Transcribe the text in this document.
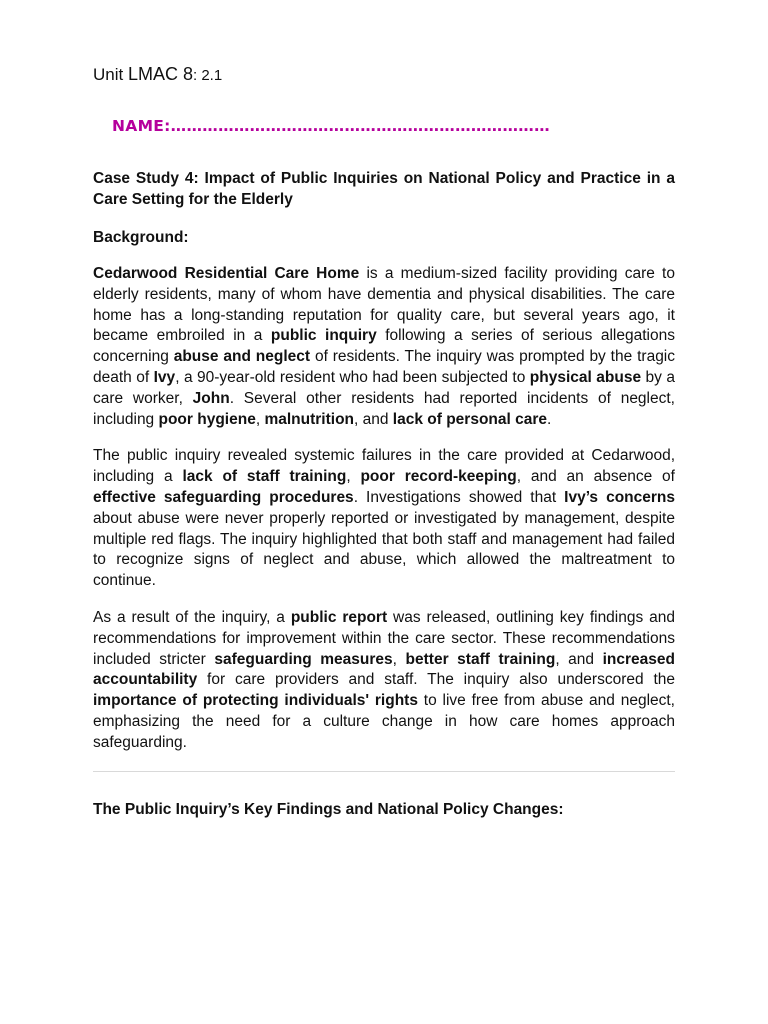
Unit LMAC 8: 2.1
NAME:………………………………………………………………
Case Study 4: Impact of Public Inquiries on National Policy and Practice in a Care Setting for the Elderly
Background:

Cedarwood Residential Care Home is a medium-sized facility providing care to elderly residents, many of whom have dementia and physical disabilities. The care home has a long-standing reputation for quality care, but several years ago, it became embroiled in a public inquiry following a series of serious allegations concerning abuse and neglect of residents. The inquiry was prompted by the tragic death of Ivy, a 90-year-old resident who had been subjected to physical abuse by a care worker, John. Several other residents had reported incidents of neglect, including poor hygiene, malnutrition, and lack of personal care.

The public inquiry revealed systemic failures in the care provided at Cedarwood, including a lack of staff training, poor record-keeping, and an absence of effective safeguarding procedures. Investigations showed that Ivy’s concerns about abuse were never properly reported or investigated by management, despite multiple red flags. The inquiry highlighted that both staff and management had failed to recognize signs of neglect and abuse, which allowed the maltreatment to continue.

As a result of the inquiry, a public report was released, outlining key findings and recommendations for improvement within the care sector. These recommendations included stricter safeguarding measures, better staff training, and increased accountability for care providers and staff. The inquiry also underscored the importance of protecting individuals' rights to live free from abuse and neglect, emphasizing the need for a culture change in how care homes approach safeguarding.

The Public Inquiry’s Key Findings and National Policy Changes:
